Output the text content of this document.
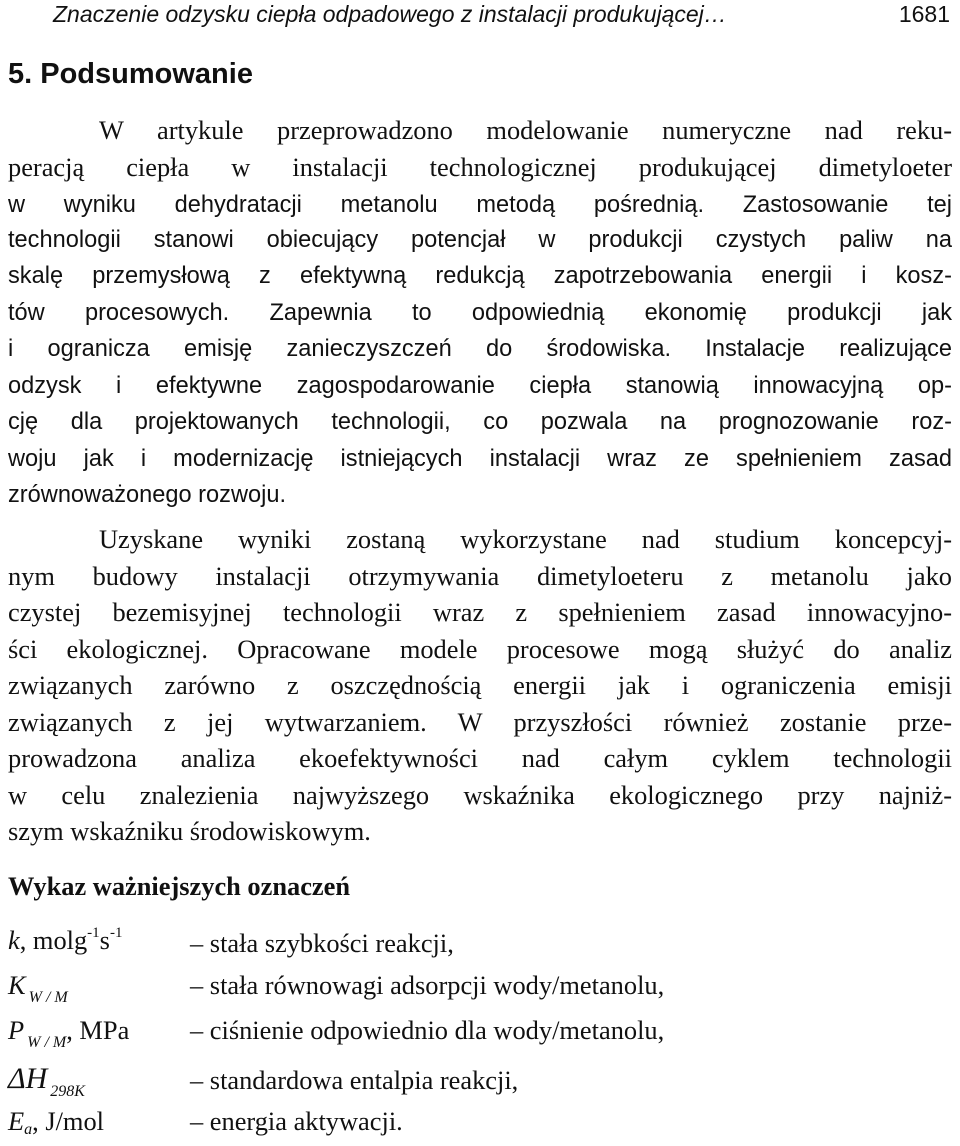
Znaczenie odzysku ciepła odpadowego z instalacji produkującej…	1681
5. Podsumowanie
W artykule przeprowadzono modelowanie numeryczne nad reku-
peracją ciepła w instalacji technologicznej produkującej dimetyloeter
w wyniku dehydratacji metanolu metodą pośrednią. Zastosowanie tej
technologii stanowi obiecujący potencjał w produkcji czystych paliw na
skalę przemysłową z efektywną redukcją zapotrzebowania energii i kosz-
tów procesowych. Zapewnia to odpowiednią ekonomię produkcji jak
i ogranicza emisję zanieczyszczeń do środowiska. Instalacje realizujące
odzysk i efektywne zagospodarowanie ciepła stanowią innowacyjną op-
cję dla projektowanych technologii, co pozwala na prognozowanie roz-
woju jak i modernizację istniejących instalacji wraz ze spełnieniem zasad
zrównoważonego rozwoju.
Uzyskane wyniki zostaną wykorzystane nad studium koncepcyj-
nym budowy instalacji otrzymywania dimetyloeteru z metanolu jako
czystej bezemisyjnej technologii wraz z spełnieniem zasad innowacyjno-
ści ekologicznej. Opracowane modele procesowe mogą służyć do analiz
związanych zarówno z oszczędnością energii jak i ograniczenia emisji
związanych z jej wytwarzaniem. W przyszłości również zostanie prze-
prowadzona analiza ekoefektywności nad całym cyklem technologii
w celu znalezienia najwyższego wskaźnika ekologicznego przy najniż-
szym wskaźniku środowiskowym.
Wykaz ważniejszych oznaczeń
k, $molg^{-1}s^{-1}$	– stała szybkości reakcji,
K $_{W / M}$	– stała równowagi adsorpcji wody/metanolu,
P $_{W / M}$, MPa	– ciśnienie odpowiednio dla wody/metanolu,
ΔH $_{298K}$	– standardowa entalpia reakcji,
Ea, J/mol	– energia aktywacji.
